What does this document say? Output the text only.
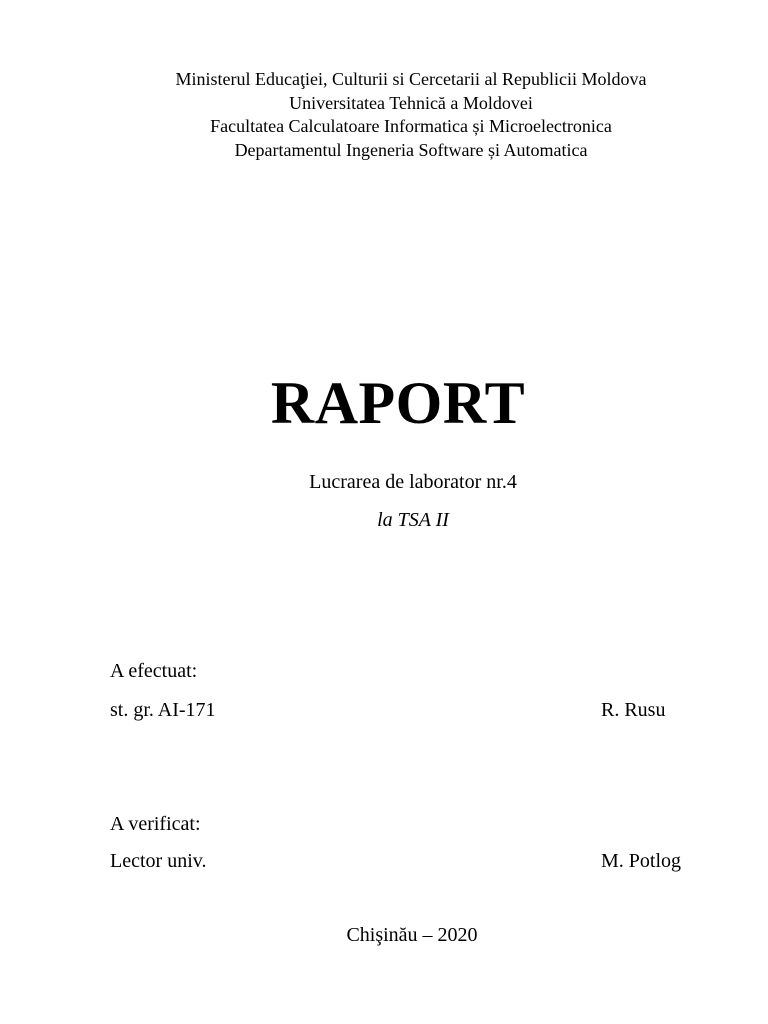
Ministerul Educaţiei, Culturii si Cercetarii al Republicii Moldova
Universitatea Tehnică a Moldovei
Facultatea Calculatoare Informatica și Microelectronica
Departamentul Ingeneria Software și Automatica
RAPORT
Lucrarea de laborator nr.4
la TSA II
A efectuat:
st. gr. AI-171	R. Rusu
A verificat:
Lector univ.	M. Potlog
Chişinău – 2020
